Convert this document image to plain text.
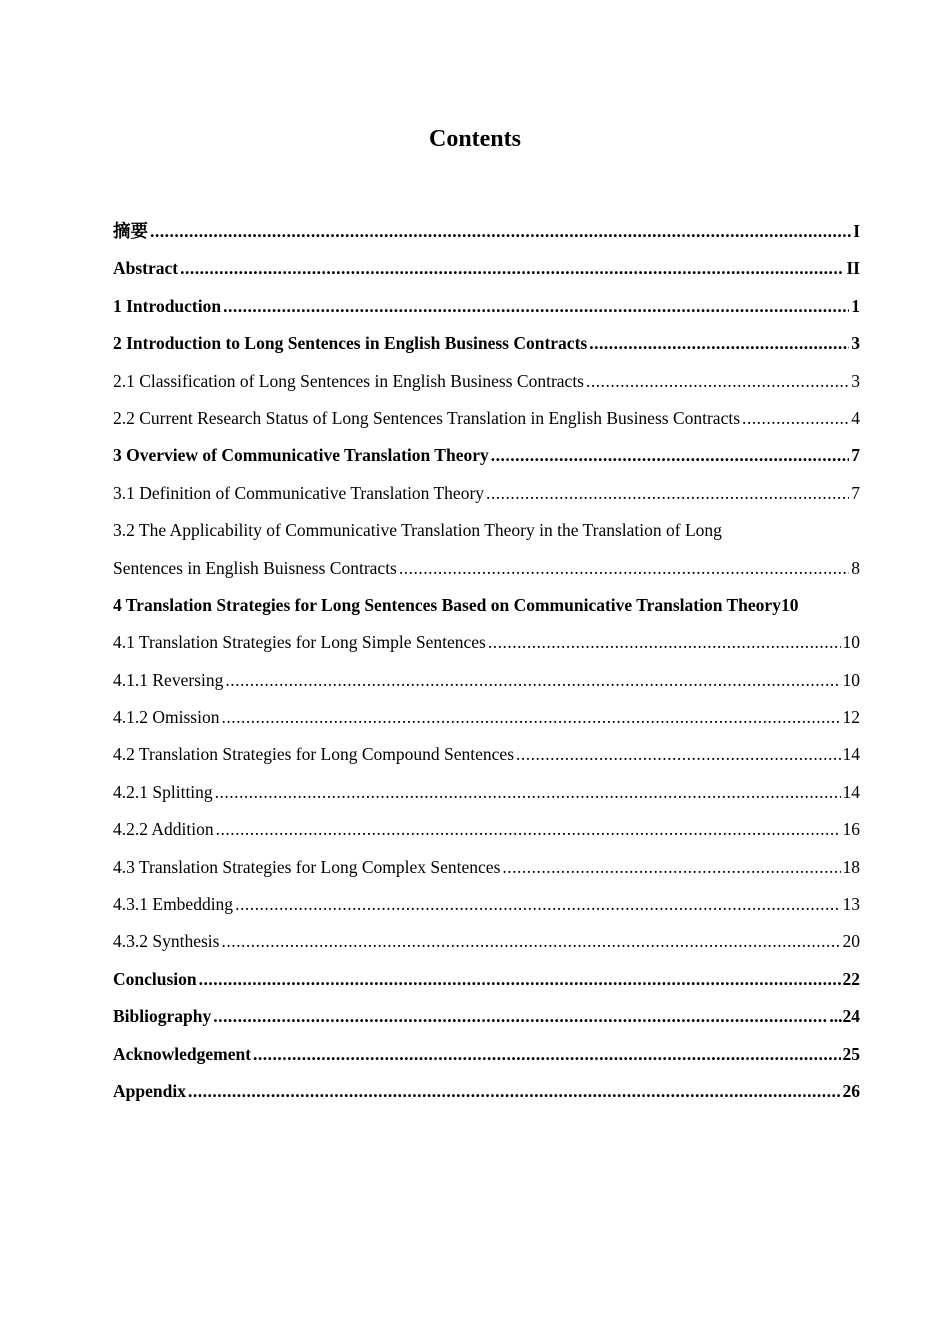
Contents
摘要 .....	I
Abstract .....	II
1 Introduction .....	1
2 Introduction to Long Sentences in English Business Contracts .....	3
2.1 Classification of Long Sentences in English Business Contracts .....	3
2.2 Current Research Status of Long Sentences Translation in English Business Contracts .....	4
3 Overview of Communicative Translation Theory .....	7
3.1 Definition of Communicative Translation Theory .....	7
3.2 The Applicability of Communicative Translation Theory in the Translation of Long
Sentences in English Buisness Contracts .....	8
4 Translation Strategies for Long Sentences Based on Communicative Translation Theory 10
4.1 Translation Strategies for Long Simple Sentences .....	10
4.1.1 Reversing .....	10
4.1.2 Omission .....	12
4.2 Translation Strategies for Long Compound Sentences .....	14
4.2.1 Splitting .....	14
4.2.2 Addition .....	16
4.3 Translation Strategies for Long Complex Sentences .....	18
4.3.1 Embedding .....	13
4.3.2 Synthesis .....	20
Conclusion .....	22
Bibliography .....	...24
Acknowledgement .....	25
Appendix .....	26
